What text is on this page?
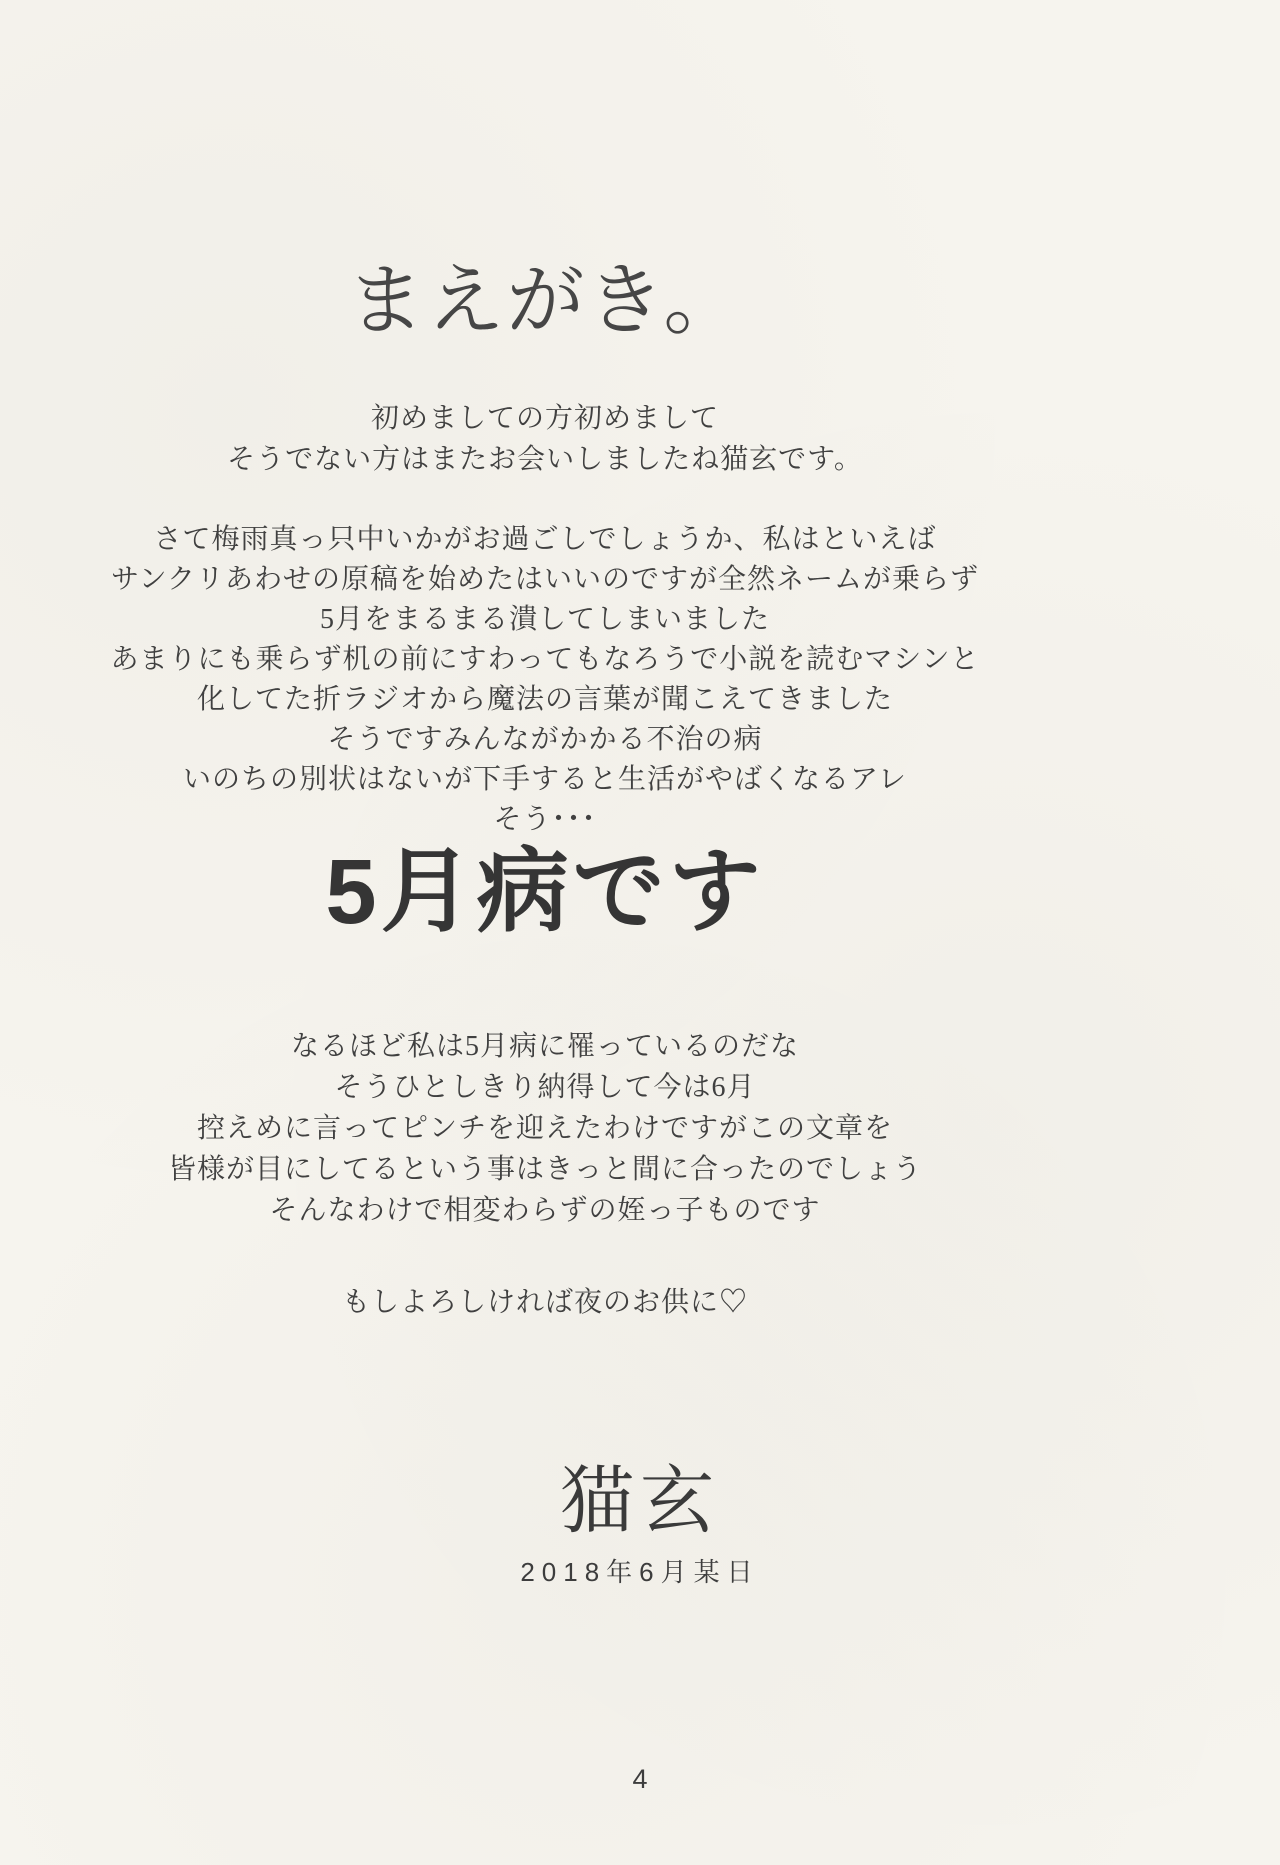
まえがき。
初めましての方初めまして
そうでない方はまたお会いしましたね猫玄です。
さて梅雨真っ只中いかがお過ごしでしょうか、私はといえば
サンクリあわせの原稿を始めたはいいのですが全然ネームが乗らず
5月をまるまる潰してしまいました
あまりにも乗らず机の前にすわってもなろうで小説を読むマシンと
化してた折ラジオから魔法の言葉が聞こえてきました
そうですみんながかかる不治の病
いのちの別状はないが下手すると生活がやばくなるアレ
そう･･･
5月病です
なるほど私は5月病に罹っているのだな
そうひとしきり納得して今は6月
控えめに言ってピンチを迎えたわけですがこの文章を
皆様が目にしてるという事はきっと間に合ったのでしょう
そんなわけで相変わらずの姪っ子ものです
もしよろしければ夜のお供に♡
猫玄
2018年6月某日
4
